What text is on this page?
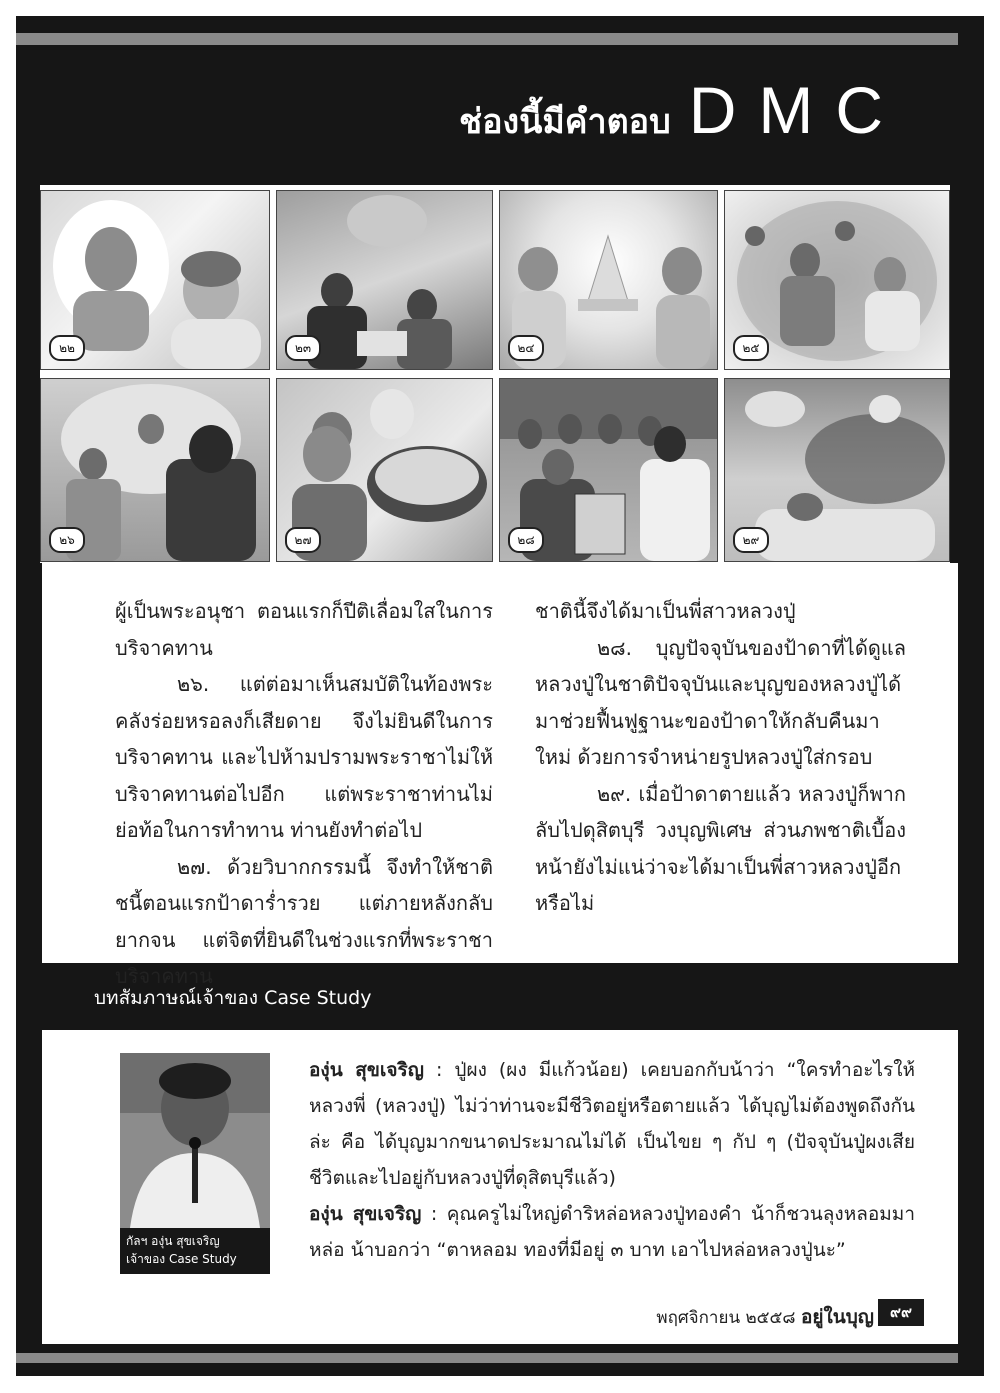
ช่องนี้มีคำตอบ DMC
๒๒	๒๓	๒๔	๒๕
๒๖	๒๗	๒๘	๒๙

ผู้เป็นพระอนุชา ตอนแรกก็ปีติเลื่อมใสในการบริจาคทาน

๒๖. แต่ต่อมาเห็นสมบัติในท้องพระคลังร่อยหรอลงก็เสียดาย จึงไม่ยินดีในการบริจาคทาน และไปห้ามปรามพระราชาไม่ให้บริจาคทานต่อไปอีก แต่พระราชาท่านไม่ย่อท้อในการทำทาน ท่านยังทำต่อไป

๒๗. ด้วยวิบากกรรมนี้ จึงทำให้ชาติชนี้ตอนแรกป้าดาร่ำรวย แต่ภายหลังกลับยากจน แต่จิตที่ยินดีในช่วงแรกที่พระราชาบริจาคทาน

ชาตินี้จึงได้มาเป็นพี่สาวหลวงปู่

๒๘. บุญปัจจุบันของป้าดาที่ได้ดูแลหลวงปู่ในชาติปัจจุบันและบุญของหลวงปู่ได้มาช่วยฟื้นฟูฐานะของป้าดาให้กลับคืนมาใหม่ ด้วยการจำหน่ายรูปหลวงปู่ใส่กรอบ

๒๙. เมื่อป้าดาตายแล้ว หลวงปู่ก็พากลับไปดุสิตบุรี วงบุญพิเศษ ส่วนภพชาติเบื้องหน้ายังไม่แน่ว่าจะได้มาเป็นพี่สาวหลวงปู่อีกหรือไม่

บทสัมภาษณ์เจ้าของ Case Study
กัลฯ องุ่น สุขเจริญ
เจ้าของ Case Study

องุ่น สุขเจริญ : ปู่ผง (ผง มีแก้วน้อย) เคยบอกกับน้าว่า “ใครทำอะไรให้หลวงพี่ (หลวงปู่) ไม่ว่าท่านจะมีชีวิตอยู่หรือตายแล้ว ได้บุญไม่ต้องพูดถึงกันล่ะ คือ ได้บุญมากขนาดประมาณไม่ได้ เป็นไขย ๆ กัป ๆ (ปัจจุบันปู่ผงเสียชีวิตและไปอยู่กับหลวงปู่ที่ดุสิตบุรีแล้ว)

องุ่น สุขเจริญ : คุณครูไม่ใหญ่ดำริหล่อหลวงปู่ทองคำ น้าก็ชวนลุงหลอมมาหล่อ น้าบอกว่า “ตาหลอม ทองที่มีอยู่ ๓ บาท เอาไปหล่อหลวงปู่นะ”

พฤศจิกายน ๒๕๕๘ อยู่ในบุญ	๙๙
